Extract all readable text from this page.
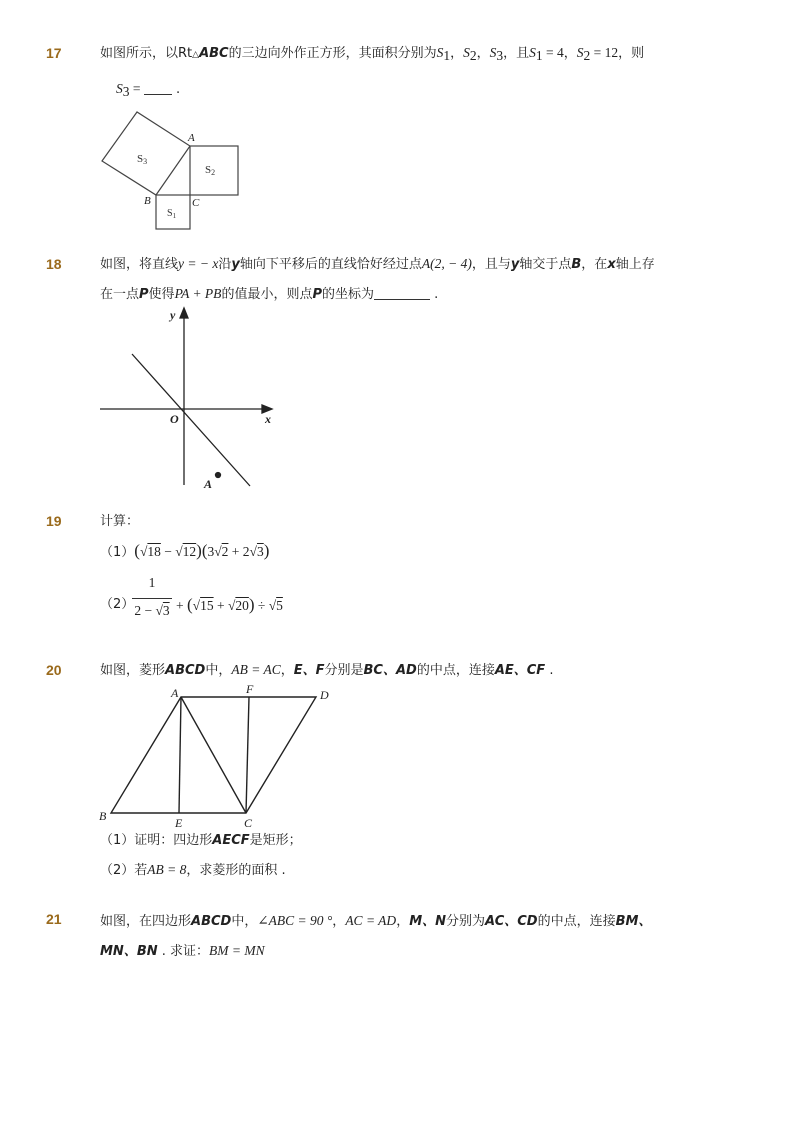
17	如图所示，以Rt△ABC的三边向外作正方形，其面积分别为$S_1$，$S_2$，$S_3$，且$S_1 = 4$，$S_2 = 12$，则
$S_3$ =  .
S3
S2
$S_1$
A
B	C
18	如图，将直线y = − x沿y轴向下平移后的直线恰好经过点A(2, − 4)，且与y轴交于点B，在x轴上存
在一点P使得PA + PB的值最小，则点P的坐标为	.
y
x
O
A
19	计算：
（1）(√18 − √12)(3√2 + 2√3)
（2）
1
2 − √3 + (√15 + √20) ÷ √5
20	如图，菱形ABCD中，AB = AC，E、F分别是BC、AD的中点，连接AE、CF .
A	F	D
B	E	C
（1）证明：四边形AECF是矩形；
（2）若AB = 8，求菱形的面积 .
21	如图，在四边形ABCD中，∠ABC = 90 °，AC = AD，M、N分别为AC、CD的中点，连接BM、
MN、BN . 求证：BM = MN
